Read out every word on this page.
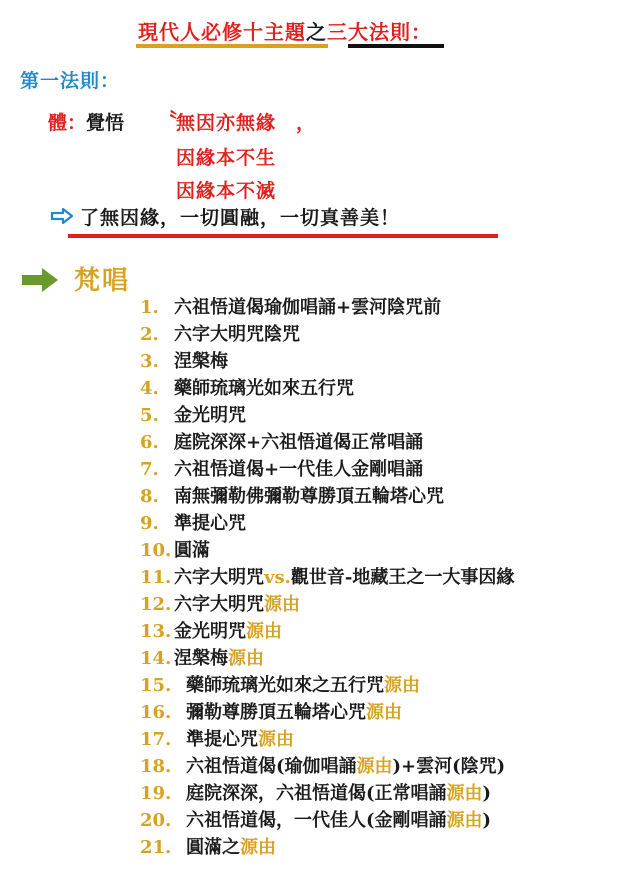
現代人必修十主題之三大法則：
第一法則：
體：覺悟 〝
無因亦無緣　，
因緣本不生
因緣本不滅
了無因緣，一切圓融，一切真善美！
梵唱
1. 六祖悟道偈瑜伽唱誦+雲河陰咒前
2. 六字大明咒陰咒
3. 涅槃梅
4. 藥師琉璃光如來五行咒
5. 金光明咒
6. 庭院深深+六祖悟道偈正常唱誦
7. 六祖悟道偈+一代佳人金剛唱誦
8. 南無彌勒佛彌勒尊勝頂五輪塔心咒
9. 準提心咒
10. 圓滿
11. 六字大明咒vs.觀世音-地藏王之一大事因緣
12. 六字大明咒源由
13. 金光明咒源由
14. 涅槃梅源由
15. 藥師琉璃光如來之五行咒源由
16. 彌勒尊勝頂五輪塔心咒源由
17. 準提心咒源由
18. 六祖悟道偈(瑜伽唱誦源由)+雲河(陰咒)
19. 庭院深深，六祖悟道偈(正常唱誦源由)
20. 六祖悟道偈，一代佳人(金剛唱誦源由)
21. 圓滿之源由
